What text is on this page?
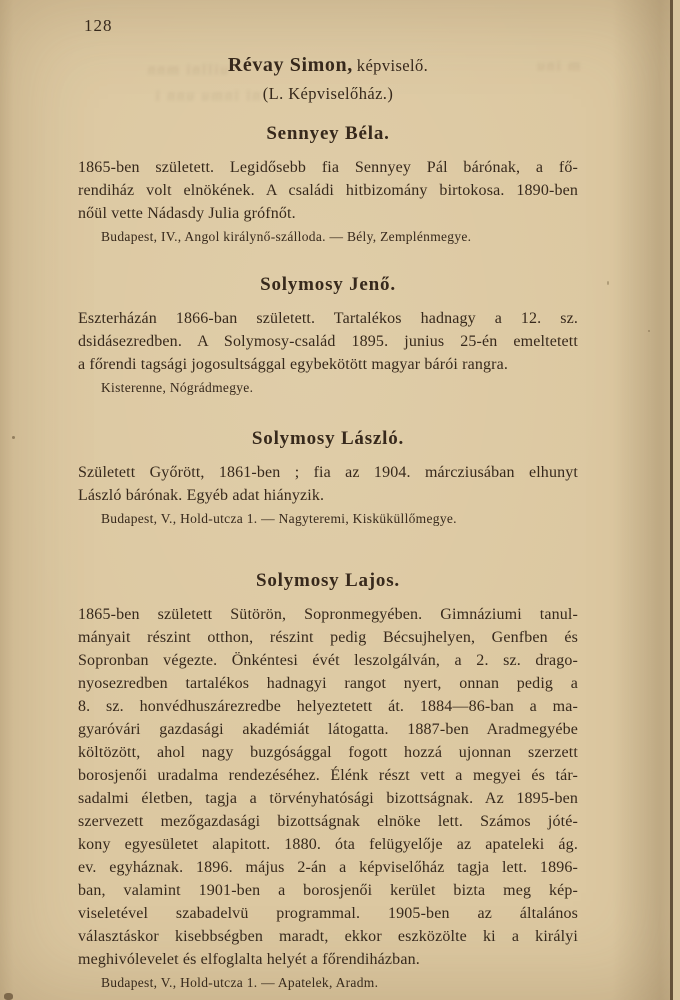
128
uillni mnn
ni inmu unn i
m inu
Révay Simon, képviselő.
(L. Képviselőház.)
Sennyey Béla.
1865-ben született. Legidősebb fia Sennyey Pál bárónak, a fő-
rendiház volt elnökének. A családi hitbizomány birtokosa. 1890-ben
nőül vette Nádasdy Julia grófnőt.
Budapest, IV., Angol királynő-szálloda. — Bély, Zemplénmegye.
Solymosy Jenő.
Eszterházán 1866-ban született. Tartalékos hadnagy a 12. sz.
dsidásezredben. A Solymosy-család 1895. junius 25-én emeltetett
a főrendi tagsági jogosultsággal egybekötött magyar bárói rangra.
Kisterenne, Nógrádmegye.
Solymosy László.
Született Győrött, 1861-ben ; fia az 1904. márcziusában elhunyt
László bárónak. Egyéb adat hiányzik.
Budapest, V., Hold-utcza 1. — Nagyteremi, Kisküküllőmegye.
Solymosy Lajos.
1865-ben született Sütörön, Sopronmegyében. Gimnáziumi tanul-
mányait részint otthon, részint pedig Bécsujhelyen, Genfben és
Sopronban végezte. Önkéntesi évét leszolgálván, a 2. sz. drago-
nyosezredben tartalékos hadnagyi rangot nyert, onnan pedig a
8. sz. honvédhuszárezredbe helyeztetett át. 1884—86-ban a ma-
gyaróvári gazdasági akadémiát látogatta. 1887-ben Aradmegyébe
költözött, ahol nagy buzgósággal fogott hozzá ujonnan szerzett
borosjenői uradalma rendezéséhez. Élénk részt vett a megyei és tár-
sadalmi életben, tagja a törvényhatósági bizottságnak. Az 1895-ben
szervezett mezőgazdasági bizottságnak elnöke lett. Számos jóté-
kony egyesületet alapitott. 1880. óta felügyelője az apateleki ág.
ev. egyháznak. 1896. május 2-án a képviselőház tagja lett. 1896-
ban, valamint 1901-ben a borosjenői kerület bizta meg kép-
viseletével szabadelvü programmal. 1905-ben az általános
választáskor kisebbségben maradt, ekkor eszközölte ki a királyi
meghivólevelet és elfoglalta helyét a főrendiházban.
Budapest, V., Hold-utcza 1. — Apatelek, Aradm.
